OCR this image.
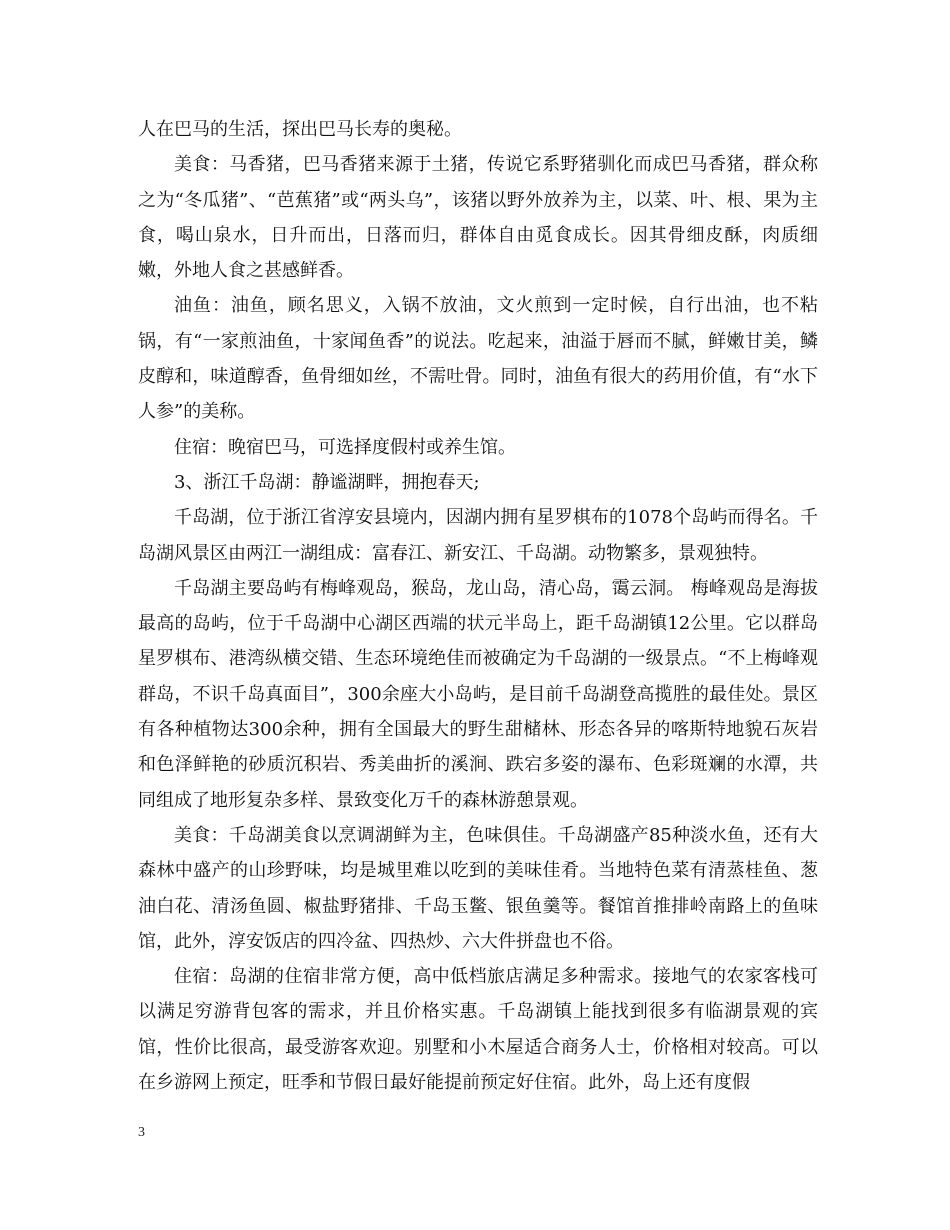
人在巴马的生活，探出巴马长寿的奥秘。

美食：马香猪，巴马香猪来源于土猪，传说它系野猪驯化而成巴马香猪，群众称之为“冬瓜猪”、“芭蕉猪”或“两头乌”，该猪以野外放养为主，以菜、叶、根、果为主食，喝山泉水，日升而出，日落而归，群体自由觅食成长。因其骨细皮酥，肉质细嫩，外地人食之甚感鲜香。

油鱼：油鱼，顾名思义，入锅不放油，文火煎到一定时候，自行出油，也不粘锅，有“一家煎油鱼，十家闻鱼香”的说法。吃起来，油溢于唇而不腻，鲜嫩甘美，鳞皮醇和，味道醇香，鱼骨细如丝，不需吐骨。同时，油鱼有很大的药用价值，有“水下人参”的美称。

住宿：晚宿巴马，可选择度假村或养生馆。

3、浙江千岛湖：静谧湖畔，拥抱春天;

千岛湖，位于浙江省淳安县境内，因湖内拥有星罗棋布的1078个岛屿而得名。千岛湖风景区由两江一湖组成：富春江、新安江、千岛湖。动物繁多，景观独特。

千岛湖主要岛屿有梅峰观岛，猴岛，龙山岛，清心岛，霭云洞。 梅峰观岛是海拔最高的岛屿，位于千岛湖中心湖区西端的状元半岛上，距千岛湖镇12公里。它以群岛星罗棋布、港湾纵横交错、生态环境绝佳而被确定为千岛湖的一级景点。“不上梅峰观群岛，不识千岛真面目”，300余座大小岛屿，是目前千岛湖登高揽胜的最佳处。景区有各种植物达300余种，拥有全国最大的野生甜槠林、形态各异的喀斯特地貌石灰岩和色泽鲜艳的砂质沉积岩、秀美曲折的溪涧、跌宕多姿的瀑布、色彩斑斓的水潭，共同组成了地形复杂多样、景致变化万千的森林游憩景观。

美食：千岛湖美食以烹调湖鲜为主，色味俱佳。千岛湖盛产85种淡水鱼，还有大森林中盛产的山珍野味，均是城里难以吃到的美味佳肴。当地特色菜有清蒸桂鱼、葱油白花、清汤鱼圆、椒盐野猪排、千岛玉鳖、银鱼羹等。餐馆首推排岭南路上的鱼味馆，此外，淳安饭店的四冷盆、四热炒、六大件拼盘也不俗。

住宿：岛湖的住宿非常方便，高中低档旅店满足多种需求。接地气的农家客栈可以满足穷游背包客的需求，并且价格实惠。千岛湖镇上能找到很多有临湖景观的宾馆，性价比很高，最受游客欢迎。别墅和小木屋适合商务人士，价格相对较高。可以在乡游网上预定，旺季和节假日最好能提前预定好住宿。此外，岛上还有度假

3
